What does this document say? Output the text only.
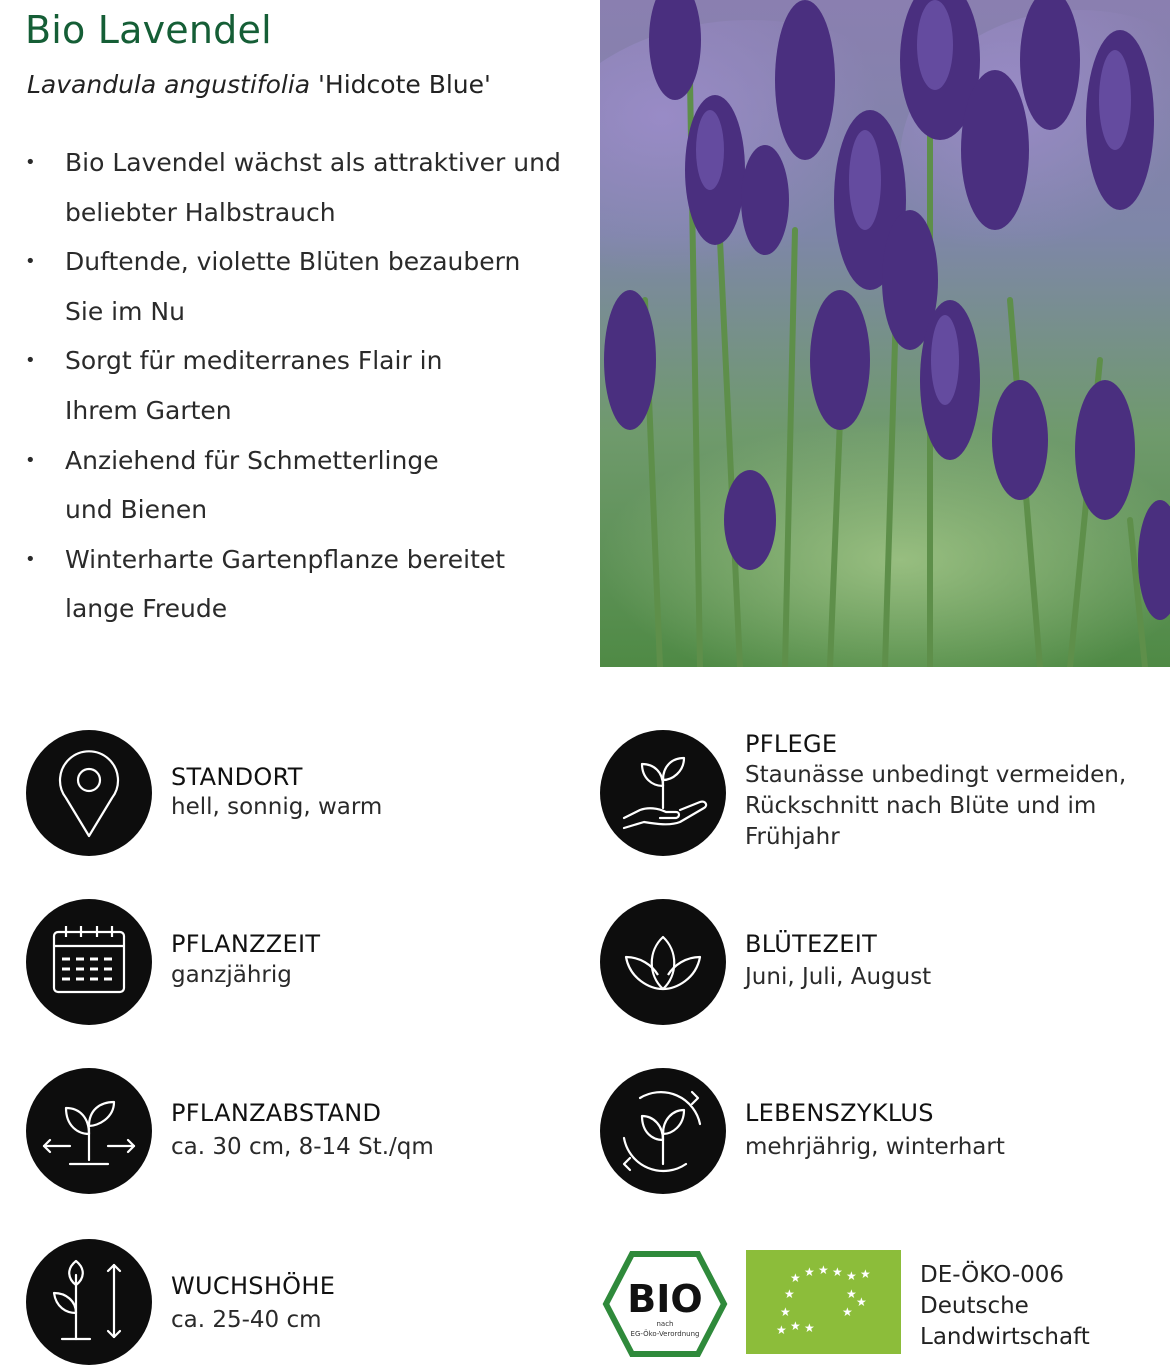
Bio Lavendel
Lavandula angustifolia 'Hidcote Blue'
• Bio Lavendel wächst als attraktiver und
beliebter Halbstrauch
• Duftende, violette Blüten bezaubern
Sie im Nu
• Sorgt für mediterranes Flair in
Ihrem Garten
• Anziehend für Schmetterlinge
und Bienen
• Winterharte Gartenpflanze bereitet
lange Freude
STANDORT
hell, sonnig, warm
PFLEGE
Staunässe unbedingt vermeiden,
Rückschnitt nach Blüte und im
Frühjahr
PFLANZZEIT
ganzjährig
BLÜTEZEIT
Juni, Juli, August
PFLANZABSTAND
ca. 30 cm, 8-14 St./qm
LEBENSZYKLUS
mehrjährig, winterhart
WUCHSHÖHE
ca. 25-40 cm	BIO
nach
EG-Öko-Verordnung
★ ★ ★ ★ ★ ★
★	★
★
★	★
★ ★ ★
DE-ÖKO-006
Deutsche
Landwirtschaft
